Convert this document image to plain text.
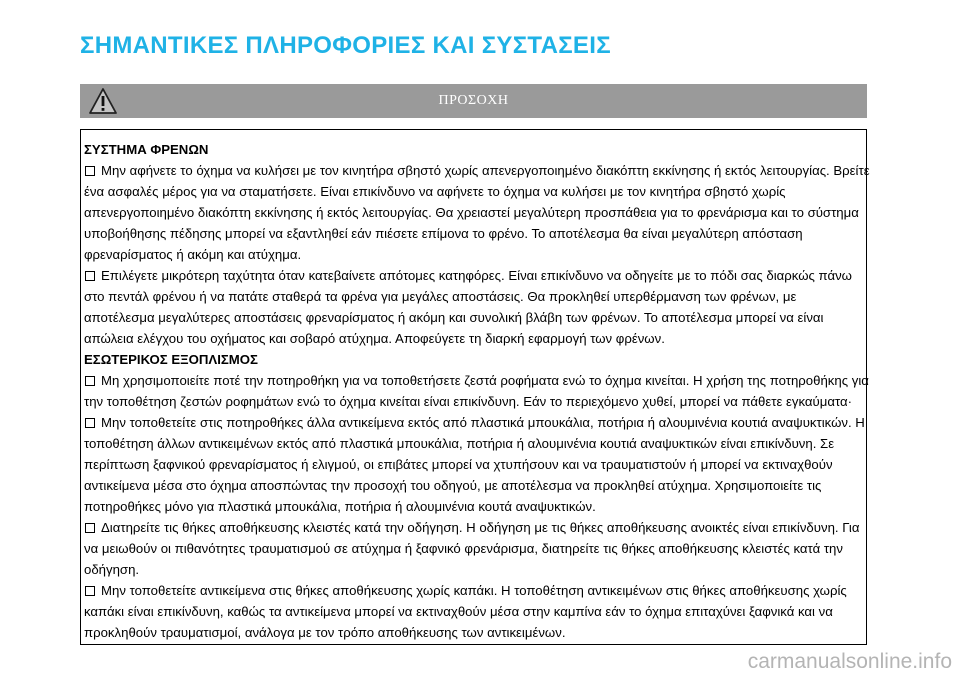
ΣΗΜΑΝΤΙΚΕΣ ΠΛΗΡΟΦΟΡΙΕΣ ΚΑΙ ΣΥΣΤΑΣΕΙΣ
ΠΡΟΣΟΧΗ
ΣΥΣΤΗΜΑ ΦΡΕΝΩΝ
Μην αφήνετε το όχημα να κυλήσει με τον κινητήρα σβηστό χωρίς απενεργοποιημένο διακόπτη εκκίνησης ή εκτός λειτουργίας. Βρείτε ένα ασφαλές μέρος για να σταματήσετε. Είναι επικίνδυνο να αφήνετε το όχημα να κυλήσει με τον κινητήρα σβηστό χωρίς απενεργοποιημένο διακόπτη εκκίνησης ή εκτός λειτουργίας. Θα χρειαστεί μεγαλύτερη προσπάθεια για το φρενάρισμα και το σύστημα υποβοήθησης πέδησης μπορεί να εξαντληθεί εάν πιέσετε επίμονα το φρένο. Το αποτέλεσμα θα είναι μεγαλύτερη απόσταση φρεναρίσματος ή ακόμη και ατύχημα.
Επιλέγετε μικρότερη ταχύτητα όταν κατεβαίνετε απότομες κατηφόρες. Είναι επικίνδυνο να οδηγείτε με το πόδι σας διαρκώς πάνω στο πεντάλ φρένου ή να πατάτε σταθερά τα φρένα για μεγάλες αποστάσεις. Θα προκληθεί υπερθέρμανση των φρένων, με αποτέλεσμα μεγαλύτερες αποστάσεις φρεναρίσματος ή ακόμη και συνολική βλάβη των φρένων. Το αποτέλεσμα μπορεί να είναι απώλεια ελέγχου του οχήματος και σοβαρό ατύχημα. Αποφεύγετε τη διαρκή εφαρμογή των φρένων.
ΕΣΩΤΕΡΙΚΟΣ ΕΞΟΠΛΙΣΜΟΣ
Μη χρησιμοποιείτε ποτέ την ποτηροθήκη για να τοποθετήσετε ζεστά ροφήματα ενώ το όχημα κινείται. Η χρήση της ποτηροθήκης για την τοποθέτηση ζεστών ροφημάτων ενώ το όχημα κινείται είναι επικίνδυνη. Εάν το περιεχόμενο χυθεί, μπορεί να πάθετε εγκαύματα·
Μην τοποθετείτε στις ποτηροθήκες άλλα αντικείμενα εκτός από πλαστικά μπουκάλια, ποτήρια ή αλουμινένια κουτιά αναψυκτικών. Η τοποθέτηση άλλων αντικειμένων εκτός από πλαστικά μπουκάλια, ποτήρια ή αλουμινένια κουτιά αναψυκτικών είναι επικίνδυνη. Σε περίπτωση ξαφνικού φρεναρίσματος ή ελιγμού, οι επιβάτες μπορεί να χτυπήσουν και να τραυματιστούν ή μπορεί να εκτιναχθούν αντικείμενα μέσα στο όχημα αποσπώντας την προσοχή του οδηγού, με αποτέλεσμα να προκληθεί ατύχημα. Χρησιμοποιείτε τις ποτηροθήκες μόνο για πλαστικά μπουκάλια, ποτήρια ή αλουμινένια κουτά αναψυκτικών.
Διατηρείτε τις θήκες αποθήκευσης κλειστές κατά την οδήγηση. Η οδήγηση με τις θήκες αποθήκευσης ανοικτές είναι επικίνδυνη. Για να μειωθούν οι πιθανότητες τραυματισμού σε ατύχημα ή ξαφνικό φρενάρισμα, διατηρείτε τις θήκες αποθήκευσης κλειστές κατά την οδήγηση.
Μην τοποθετείτε αντικείμενα στις θήκες αποθήκευσης χωρίς καπάκι. Η τοποθέτηση αντικειμένων στις θήκες αποθήκευσης χωρίς καπάκι είναι επικίνδυνη, καθώς τα αντικείμενα μπορεί να εκτιναχθούν μέσα στην καμπίνα εάν το όχημα επιταχύνει ξαφνικά και να προκληθούν τραυματισμοί, ανάλογα με τον τρόπο αποθήκευσης των αντικειμένων.
carmanualsonline.info
